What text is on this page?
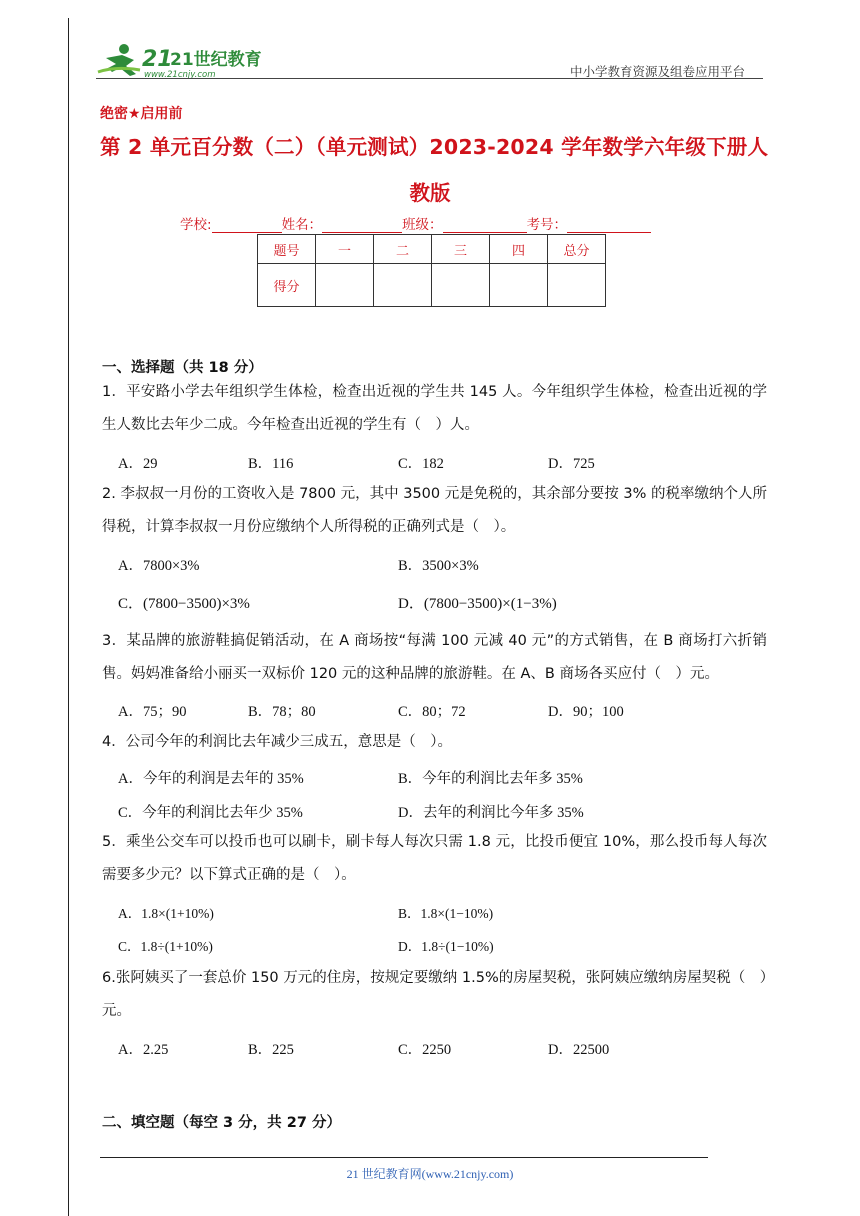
21
21世纪教育
www.21cnjy.com	中小学教育资源及组卷应用平台
绝密★启用前
第 2 单元百分数（二）（单元测试）2023-2024 学年数学六年级下册人
教版
学校:	姓名：	班级：	考号：
题号	一	二	三	四	总分
得分					
一、选择题（共 18 分）
1．平安路小学去年组织学生体检，检查出近视的学生共 145 人。今年组织学生体检，检查出近视的学生人数比去年少二成。今年检查出近视的学生有（　）人。
A．29	B．116	C．182	D．725
2. 李叔叔一月份的工资收入是 7800 元，其中 3500 元是免税的，其余部分要按 3% 的税率缴纳个人所得税，计算李叔叔一月份应缴纳个人所得税的正确列式是（　）。
A．7800×3%	B．3500×3%
C．(7800−3500)×3%	D．(7800−3500)×(1−3%)
3．某品牌的旅游鞋搞促销活动，在 A 商场按“每满 100 元减 40 元”的方式销售，在 B 商场打六折销售。妈妈准备给小丽买一双标价 120 元的这种品牌的旅游鞋。在 A、B 商场各买应付（　）元。
A．75；90	B．78；80	C．80；72	D．90；100
4．公司今年的利润比去年减少三成五，意思是（　）。
A．今年的利润是去年的 35%	B．今年的利润比去年多 35%
C．今年的利润比去年少 35%	D．去年的利润比今年多 35%
5．乘坐公交车可以投币也可以刷卡，刷卡每人每次只需 1.8 元，比投币便宜 10%，那么投币每人每次需要多少元？以下算式正确的是（　）。
A．1.8×(1+10%)	B．1.8×(1−10%)
C．1.8÷(1+10%)	D．1.8÷(1−10%)
6.张阿姨买了一套总价 150 万元的住房，按规定要缴纳 1.5%的房屋契税，张阿姨应缴纳房屋契税（　）元。
A．2.25	B．225	C．2250	D．22500
二、填空题（每空 3 分，共 27 分）
21 世纪教育网(www.21cnjy.com)
